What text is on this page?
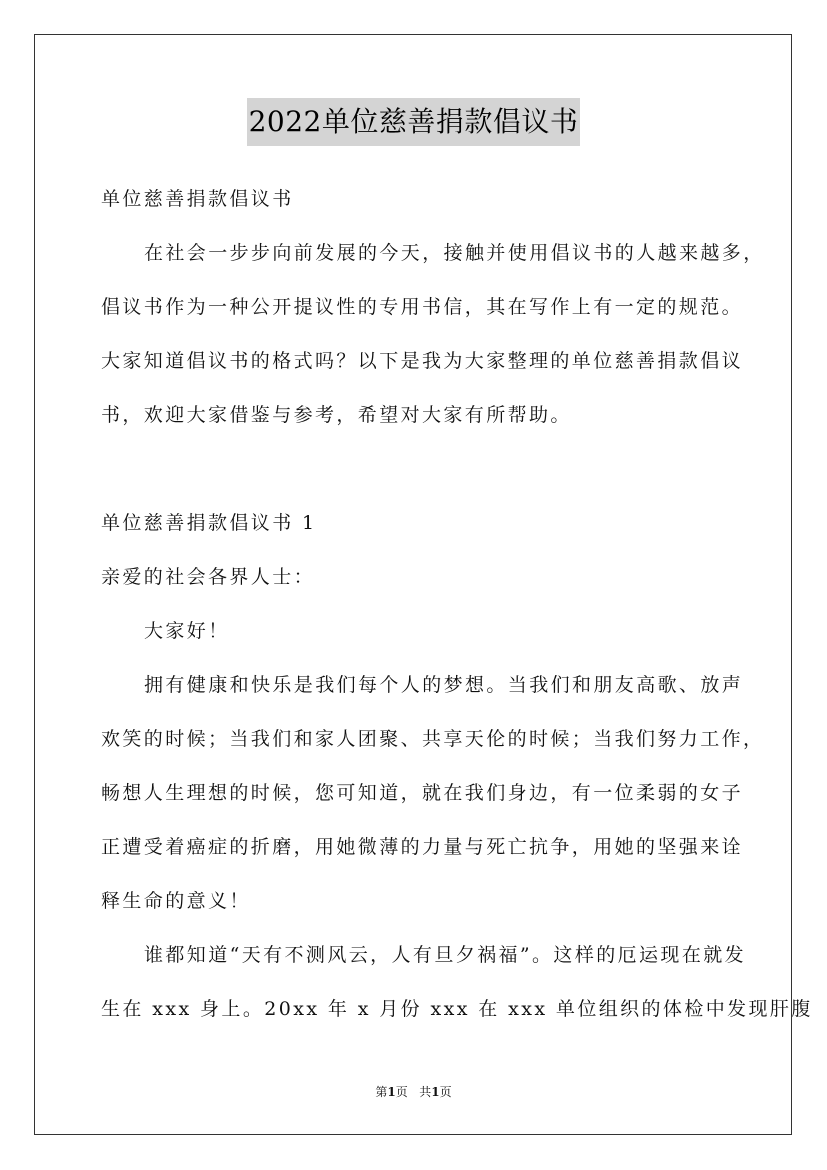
2022单位慈善捐款倡议书
单位慈善捐款倡议书
在社会一步步向前发展的今天，接触并使用倡议书的人越来越多，
倡议书作为一种公开提议性的专用书信，其在写作上有一定的规范。
大家知道倡议书的格式吗？以下是我为大家整理的单位慈善捐款倡议
书，欢迎大家借鉴与参考，希望对大家有所帮助。
单位慈善捐款倡议书 1
亲爱的社会各界人士：
大家好！
拥有健康和快乐是我们每个人的梦想。当我们和朋友高歌、放声
欢笑的时候；当我们和家人团聚、共享天伦的时候；当我们努力工作，
畅想人生理想的时候，您可知道，就在我们身边，有一位柔弱的女子
正遭受着癌症的折磨，用她微薄的力量与死亡抗争，用她的坚强来诠
释生命的意义！
谁都知道“天有不测风云，人有旦夕祸福”。这样的厄运现在就发
生在 xxx 身上。20xx 年 x 月份 xxx 在 xxx 单位组织的体检中发现肝腹
第1页 共1页
